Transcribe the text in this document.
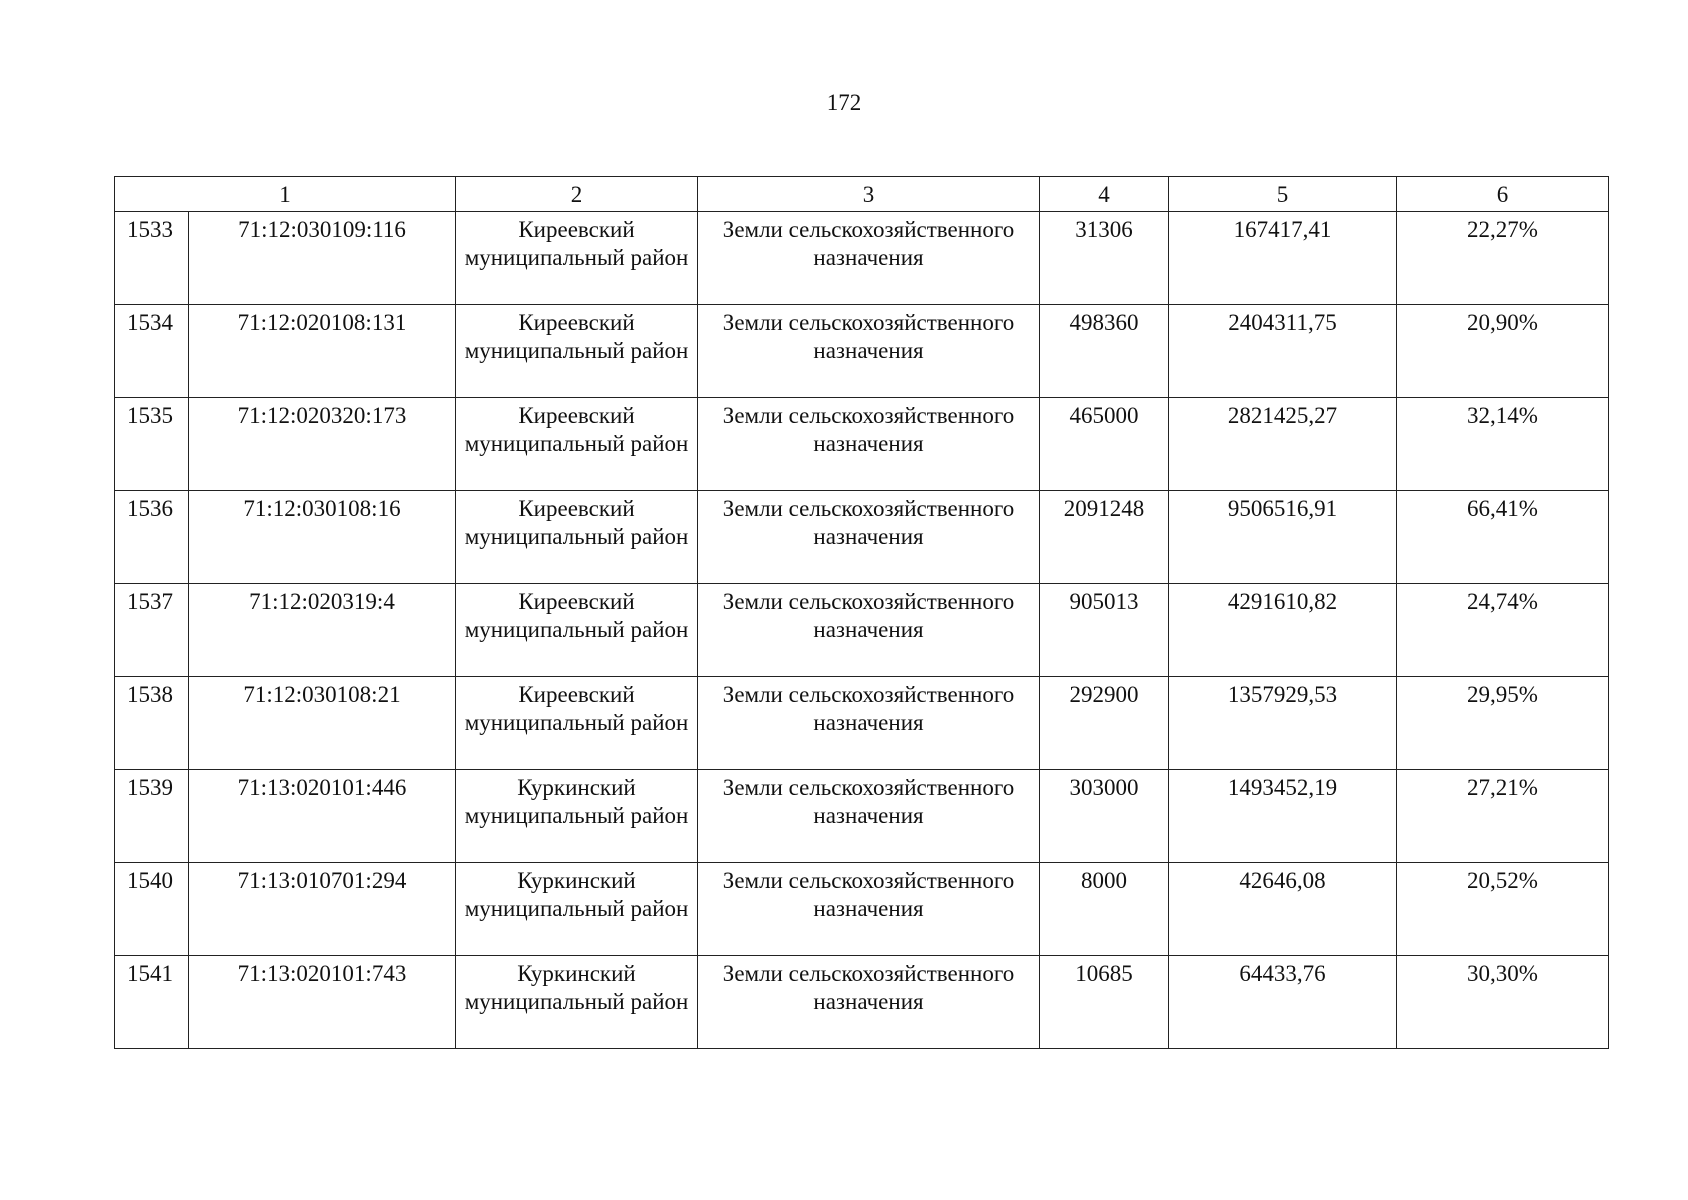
172
1		2	3	4	5	6
1533	71:12:030109:116	Киреевский муниципальный район	Земли сельскохозяйственного назначения	31306	167417,41	22,27%
1534	71:12:020108:131	Киреевский муниципальный район	Земли сельскохозяйственного назначения	498360	2404311,75	20,90%
1535	71:12:020320:173	Киреевский муниципальный район	Земли сельскохозяйственного назначения	465000	2821425,27	32,14%
1536	71:12:030108:16	Киреевский муниципальный район	Земли сельскохозяйственного назначения	2091248	9506516,91	66,41%
1537	71:12:020319:4	Киреевский муниципальный район	Земли сельскохозяйственного назначения	905013	4291610,82	24,74%
1538	71:12:030108:21	Киреевский муниципальный район	Земли сельскохозяйственного назначения	292900	1357929,53	29,95%
1539	71:13:020101:446	Куркинский муниципальный район	Земли сельскохозяйственного назначения	303000	1493452,19	27,21%
1540	71:13:010701:294	Куркинский муниципальный район	Земли сельскохозяйственного назначения	8000	42646,08	20,52%
1541	71:13:020101:743	Куркинский муниципальный район	Земли сельскохозяйственного назначения	10685	64433,76	30,30%
